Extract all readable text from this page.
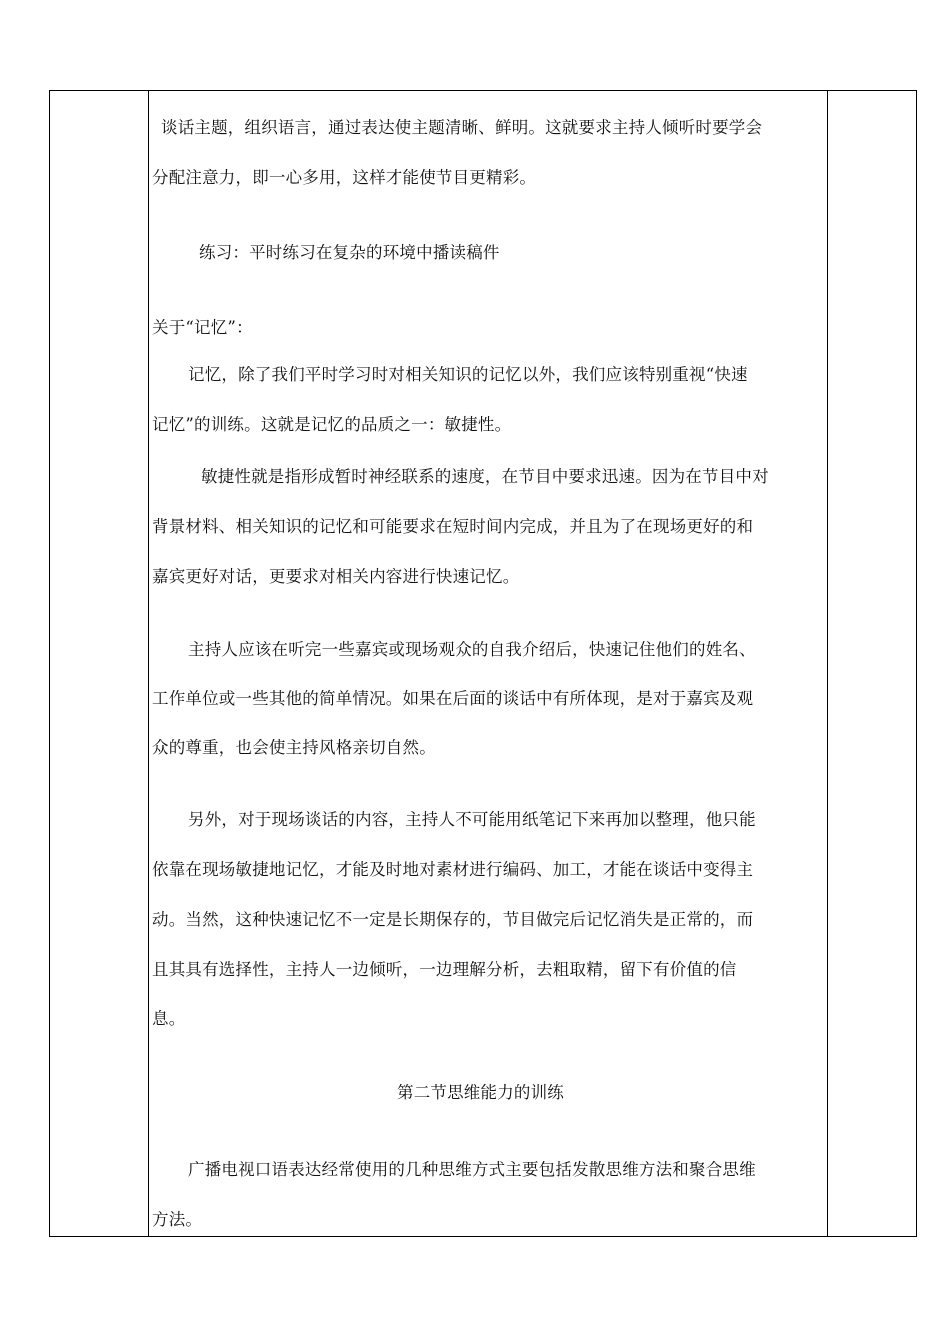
谈话主题，组织语言，通过表达使主题清晰、鲜明。这就要求主持人倾听时要学会
分配注意力，即一心多用，这样才能使节目更精彩。
练习：平时练习在复杂的环境中播读稿件
关于“记忆”：
记忆，除了我们平时学习时对相关知识的记忆以外，我们应该特别重视“快速
记忆”的训练。这就是记忆的品质之一：敏捷性。
敏捷性就是指形成暂时神经联系的速度，在节目中要求迅速。因为在节目中对
背景材料、相关知识的记忆和可能要求在短时间内完成，并且为了在现场更好的和
嘉宾更好对话，更要求对相关内容进行快速记忆。
主持人应该在听完一些嘉宾或现场观众的自我介绍后，快速记住他们的姓名、
工作单位或一些其他的简单情况。如果在后面的谈话中有所体现，是对于嘉宾及观
众的尊重，也会使主持风格亲切自然。
另外，对于现场谈话的内容，主持人不可能用纸笔记下来再加以整理，他只能
依靠在现场敏捷地记忆，才能及时地对素材进行编码、加工，才能在谈话中变得主
动。当然，这种快速记忆不一定是长期保存的，节目做完后记忆消失是正常的，而
且其具有选择性，主持人一边倾听，一边理解分析，去粗取精，留下有价值的信
息。
第二节思维能力的训练
广播电视口语表达经常使用的几种思维方式主要包括发散思维方法和聚合思维
方法。
